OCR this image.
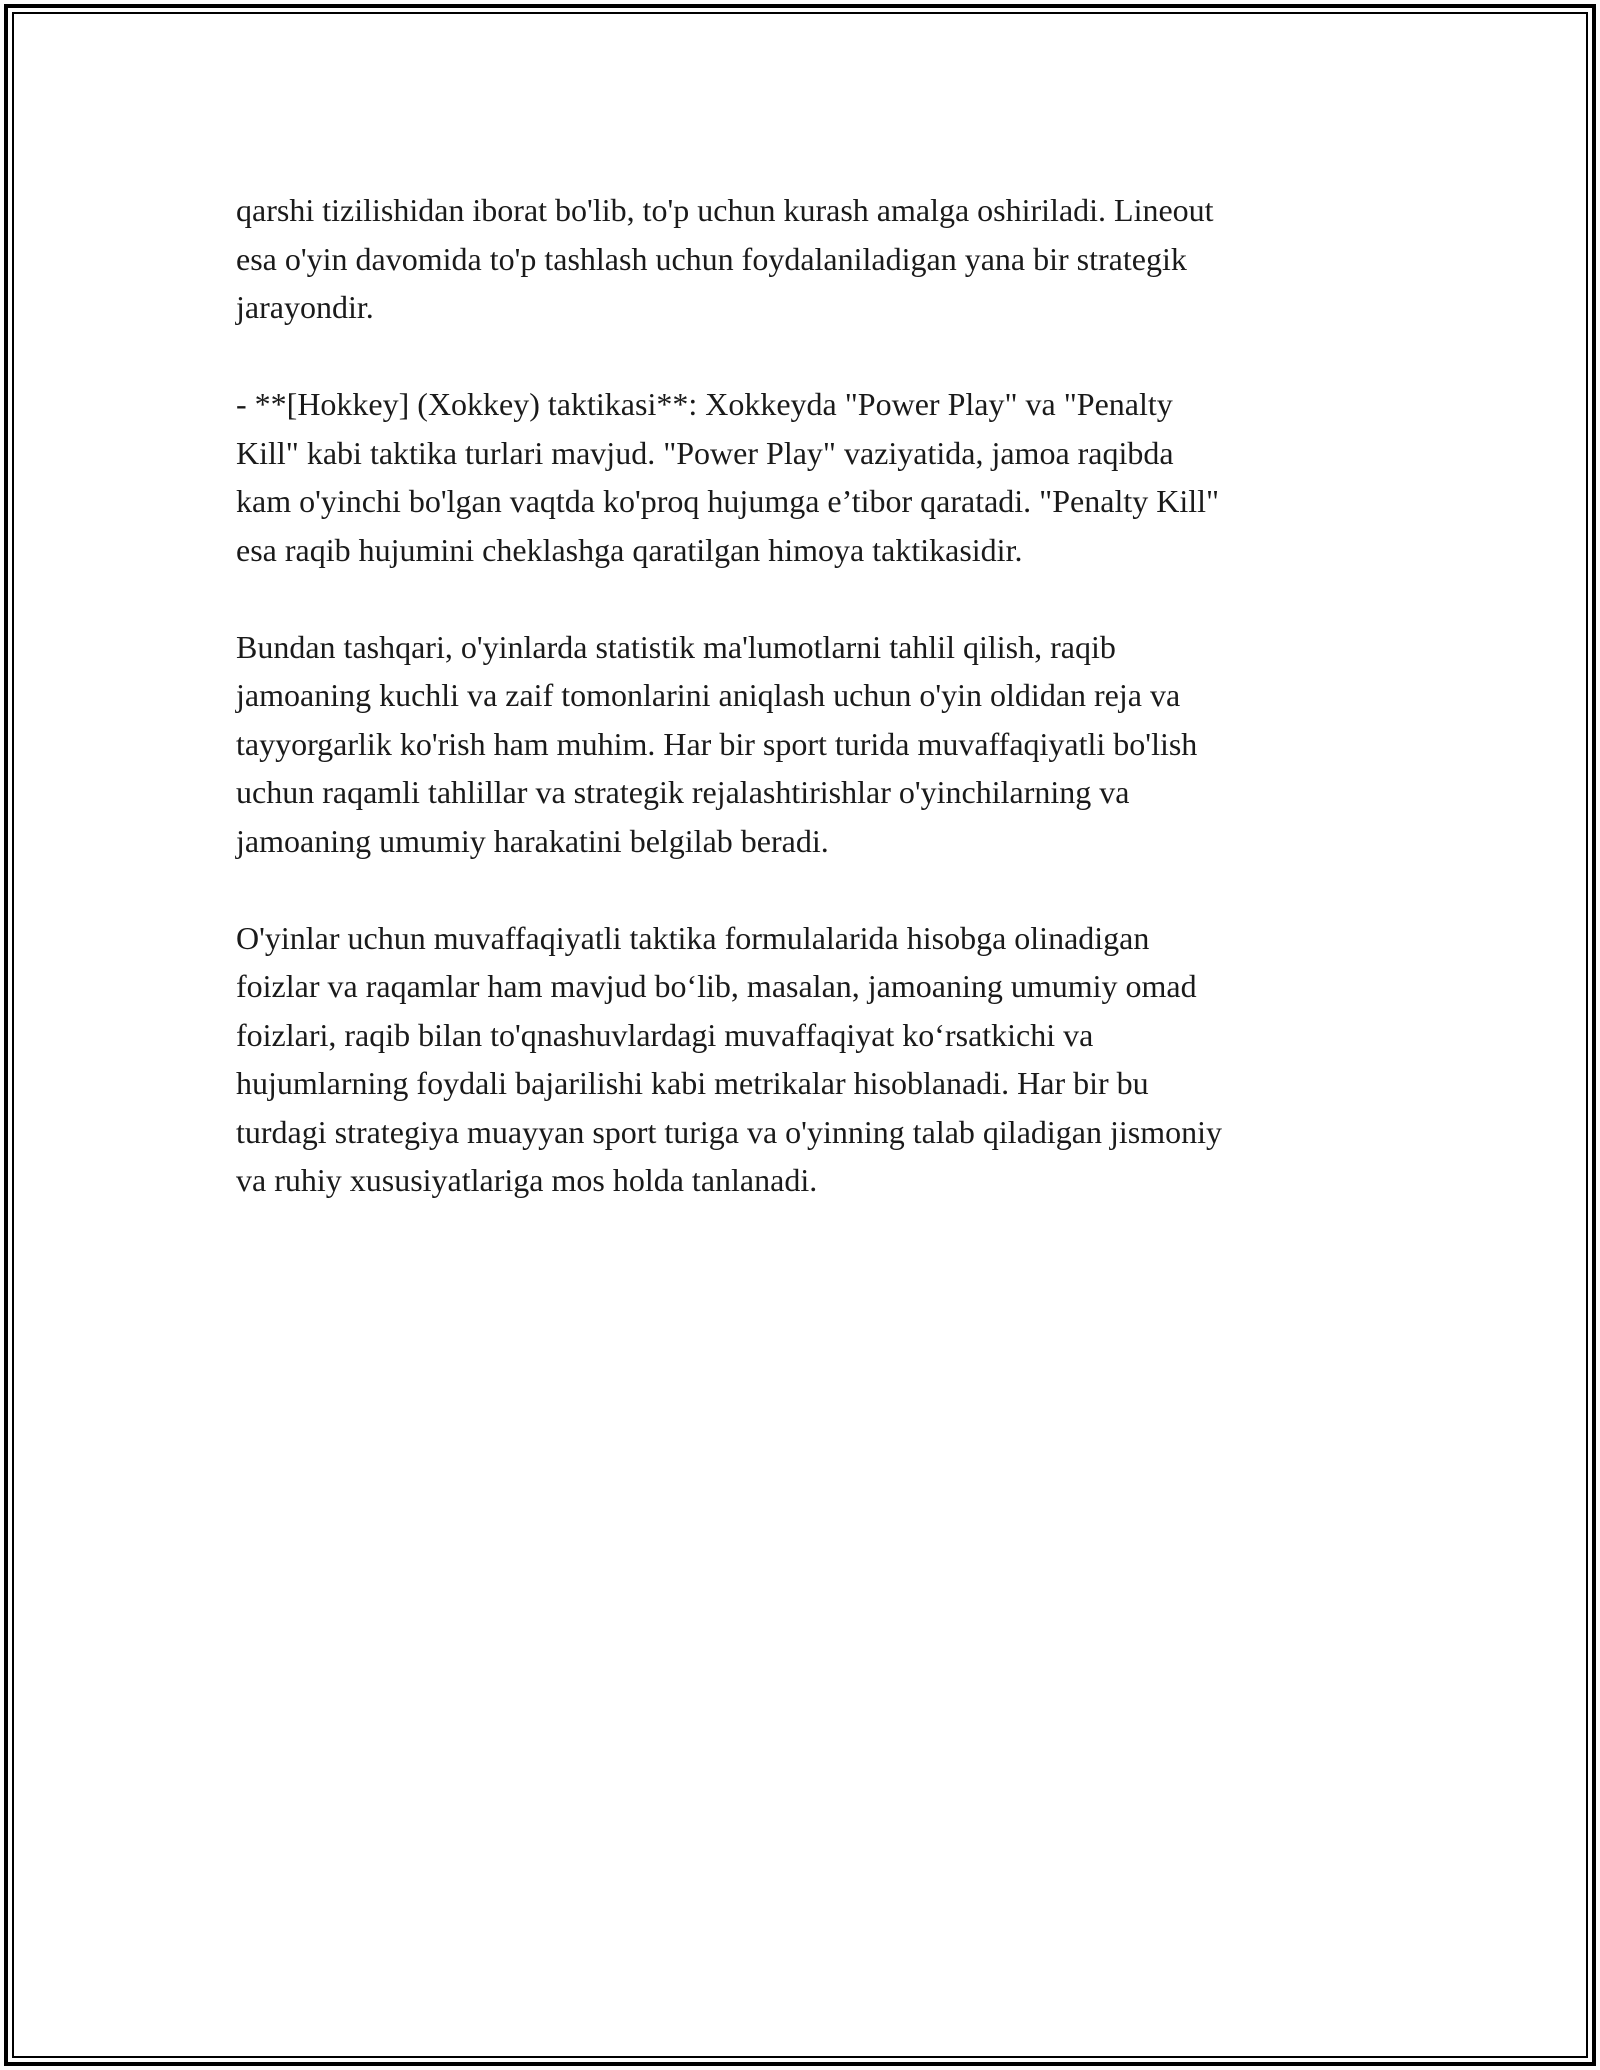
qarshi tizilishidan iborat bo'lib, to'p uchun kurash amalga oshiriladi. Lineout
esa o'yin davomida to'p tashlash uchun foydalaniladigan yana bir strategik
jarayondir.

- **[Hokkey] (Xokkey) taktikasi**: Xokkeyda "Power Play" va "Penalty
Kill" kabi taktika turlari mavjud. "Power Play" vaziyatida, jamoa raqibda
kam o'yinchi bo'lgan vaqtda ko'proq hujumga e’tibor qaratadi. "Penalty Kill"
esa raqib hujumini cheklashga qaratilgan himoya taktikasidir.

Bundan tashqari, o'yinlarda statistik ma'lumotlarni tahlil qilish, raqib
jamoaning kuchli va zaif tomonlarini aniqlash uchun o'yin oldidan reja va
tayyorgarlik ko'rish ham muhim. Har bir sport turida muvaffaqiyatli bo'lish
uchun raqamli tahlillar va strategik rejalashtirishlar o'yinchilarning va
jamoaning umumiy harakatini belgilab beradi.

O'yinlar uchun muvaffaqiyatli taktika formulalarida hisobga olinadigan
foizlar va raqamlar ham mavjud boʻlib, masalan, jamoaning umumiy omad
foizlari, raqib bilan to'qnashuvlardagi muvaffaqiyat koʻrsatkichi va
hujumlarning foydali bajarilishi kabi metrikalar hisoblanadi. Har bir bu
turdagi strategiya muayyan sport turiga va o'yinning talab qiladigan jismoniy
va ruhiy xususiyatlariga mos holda tanlanadi.
